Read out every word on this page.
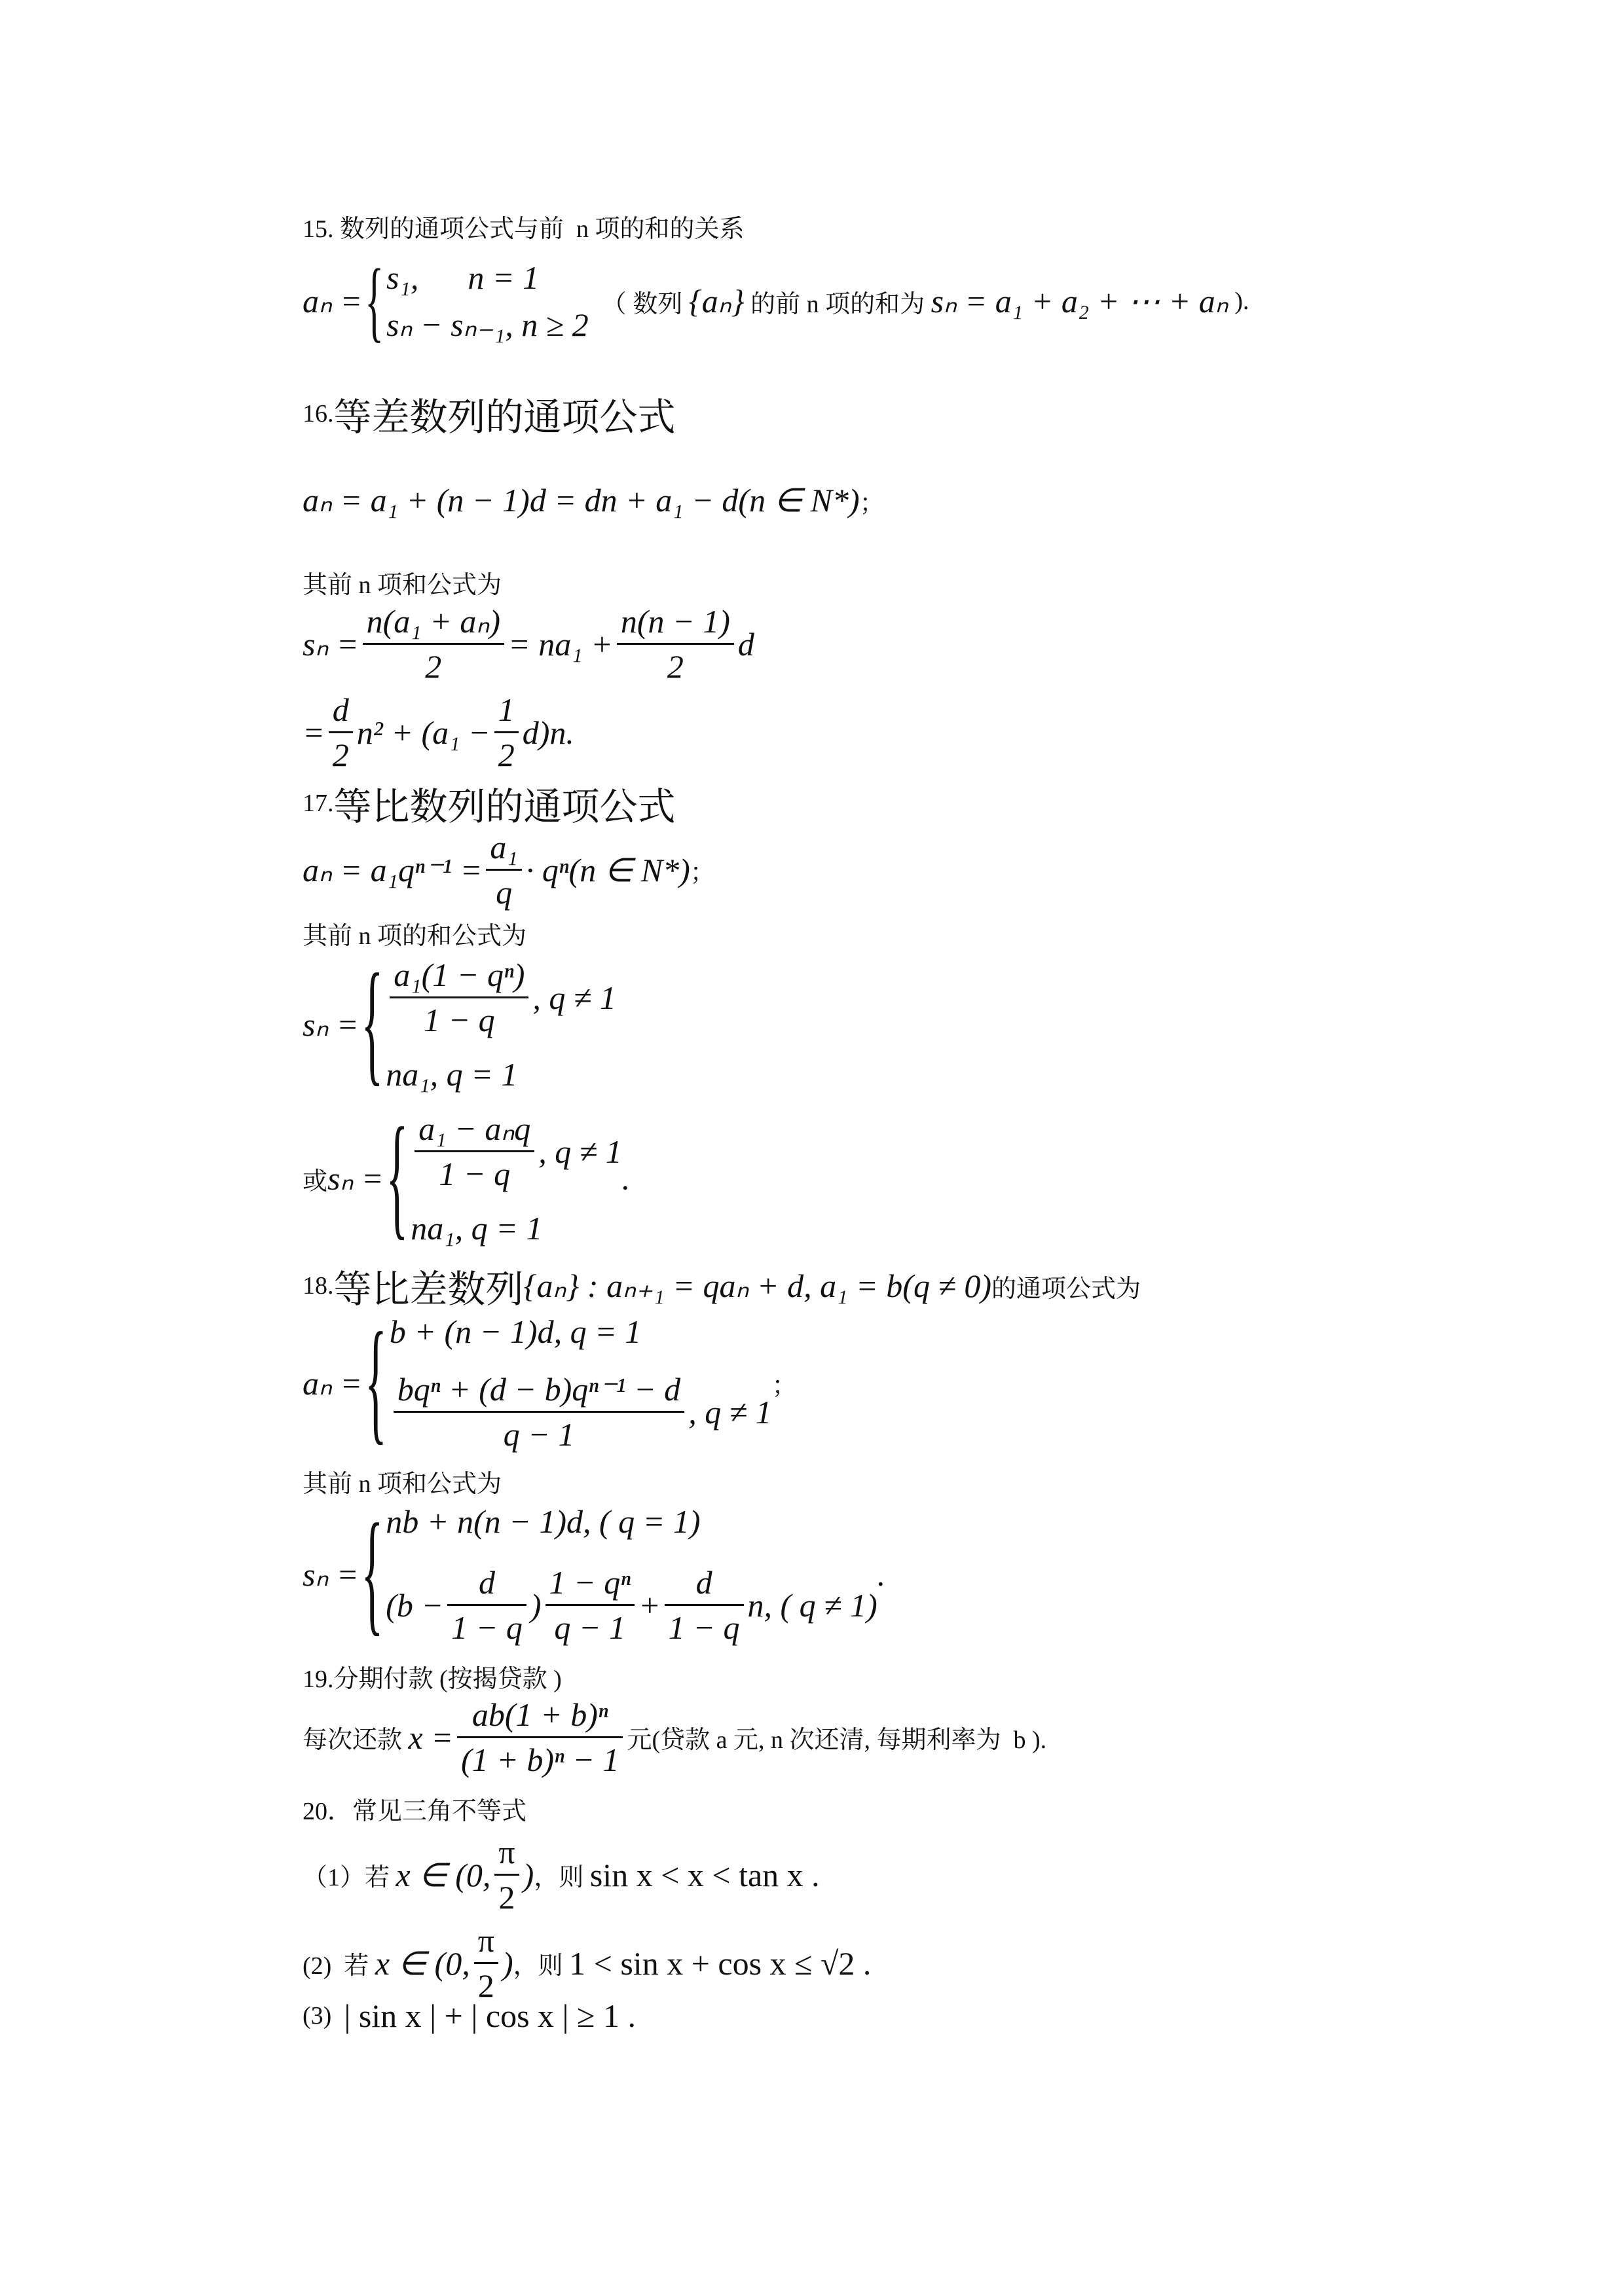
15. 数列的通项公式与前  n 项的和的关系
aₙ = { s₁,      n = 1
sₙ − sₙ₋₁, n ≥ 2
（ 数列 {aₙ} 的前 n 项的和为 sₙ = a₁ + a₂ + ⋯ + aₙ ).
16. 等差数列的通项公式
aₙ = a₁ + (n − 1)d = dn + a₁ − d(n ∈ N*) ；
其前 n 项和公式为
$s_n = \frac{\text{n(a₁ + aₙ)}}{2} = na_1 + \frac{n(n - 1)}{2}$ d
= $\frac{d}{2} n^2 + (a_1 - \frac{1}{2} d)n$.
17. 等比数列的通项公式
$a_n = a_1q^{n-1} = \frac{\text{a₁}}{q} \cdot q^n(n$ ∈ N*) ；
其前 n 项的和公式为
sₙ = { $\frac{\text{a₁(1 − qⁿ)}}{1 - q}$ , q ≠ 1
na₁, q = 1
或 sₙ = { $\frac{\text{a₁ − aₙq}}{1 - q}$ , q ≠ 1
na₁, q = 1
.
18. 等比差数列 {aₙ} : aₙ₊₁ = qaₙ + d, a₁ = b(q ≠ 0) 的通项公式为
aₙ = { b + (n − 1)d, q = 1
$\frac{\text{bqⁿ + (d − b)qⁿ⁻¹ − d}}{q - 1}$ , q ≠ 1
；
其前 n 项和公式为
sₙ = { nb + n(n − 1)d, ( q = 1)
($b - \frac{d}{1 - q}$ ) $\frac{\text{1 − qⁿ}}{q - 1} + \frac{d}{1 - q} n$, ( q ≠ 1)
.
19.分期付款 (按揭贷款 )
每次还款 $x = \frac{\text{ab(1 + b)ⁿ}}{\text{(1 + b)ⁿ − 1}}$ 元(贷款 a 元, n 次还清, 每期利率为  b ).
20．常见三角不等式
（1）若 x ∈ (0, $\frac{\pi}{2}$ ) ，则 sin x < x < tan x .
(2)  若 x ∈ (0, $\frac{\pi}{2}$ ) ，则 1 < sin x + cos x ≤ √2 .
(3) | sin x | + | cos x | ≥ 1 .
